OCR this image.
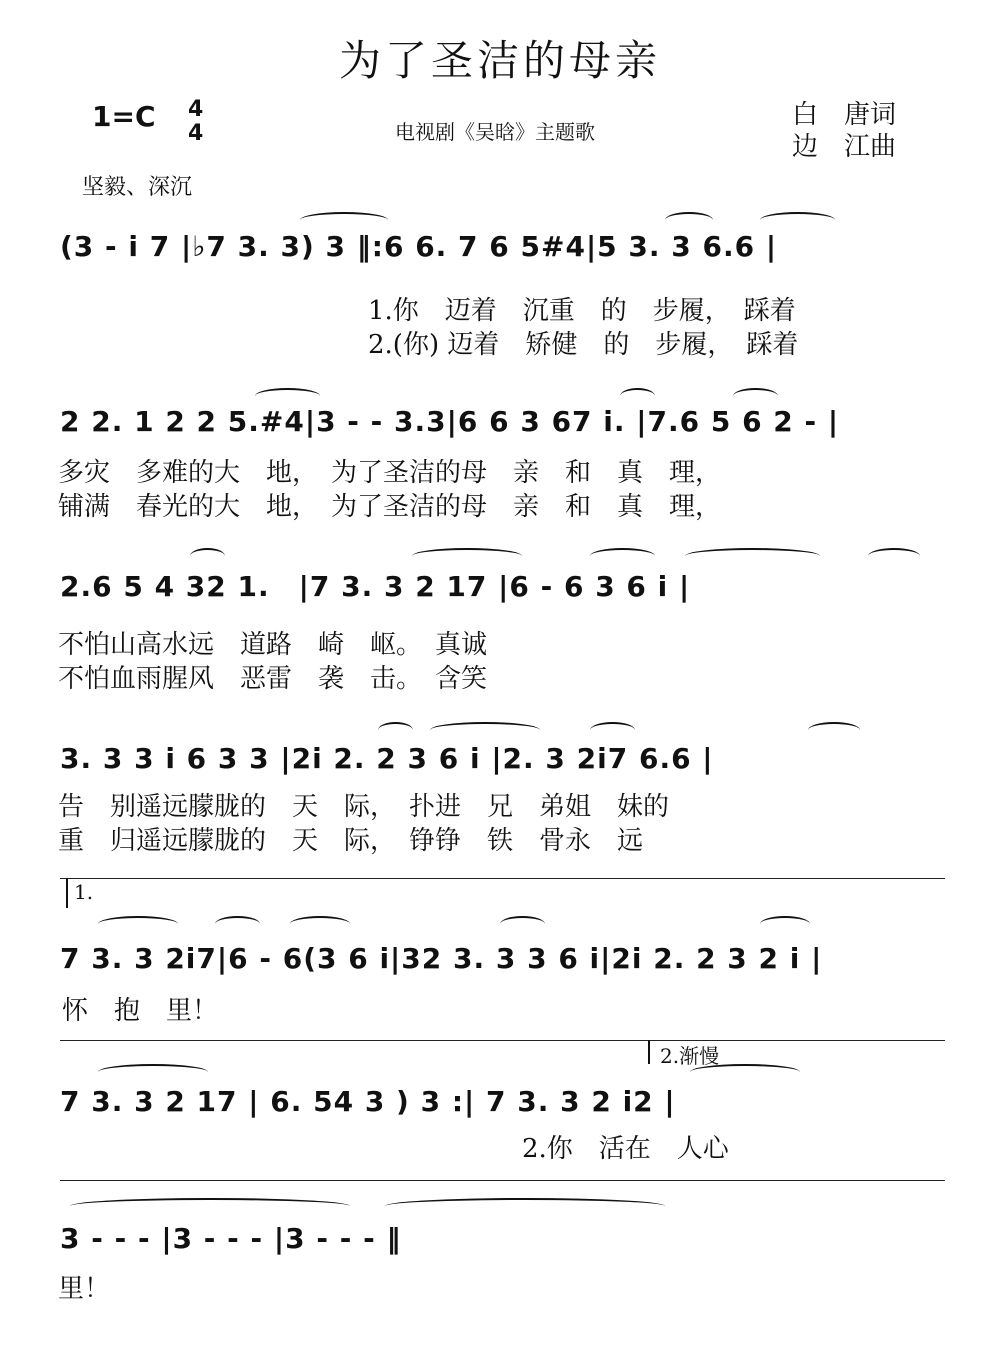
为了圣洁的母亲
1=C 4
4	电视剧《吴晗》主题歌
白　唐词
边　江曲
坚毅、深沉
(3 - i 7 |♭7 3. 3) 3 ‖:6 6. 7 6 5#4|5 3. 3 6.6 |
1.你　迈着　沉重　的　步履，　踩着
2.(你) 迈着　矫健　的　步履，　踩着
2 2. 1 2 2 5.#4|3 - - 3.3|6 6 3 67 i. |7.6 5 6 2 - |
多灾　多难的大　地，　为了圣洁的母　亲　和　真　理，
铺满　春光的大　地，　为了圣洁的母　亲　和　真　理，
2.6 5 4 32 1.　|7 3. 3 2 17 |6 - 6 3 6 i |
不怕山高水远　道路　崎　岖。　真诚
不怕血雨腥风　恶雷　袭　击。　含笑
3. 3 3 i 6 3 3 |2i 2. 2 3 6 i |2. 3 2i7 6.6 |
告　别遥远朦胧的　天　际，　扑进　兄　弟姐　妹的
重　归遥远朦胧的　天　际，　铮铮　铁　骨永　远
1.
7 3. 3 2i7|6 - 6(3 6 i|32 3. 3 3 6 i|2i 2. 2 3 2 i |
怀　抱　里！
2.渐慢
7 3. 3 2 17 | 6. 54 3 ) 3 :| 7 3. 3 2 i2 |
2.你　活在　人心
3 - - - |3 - - - |3 - - - ‖
里！
